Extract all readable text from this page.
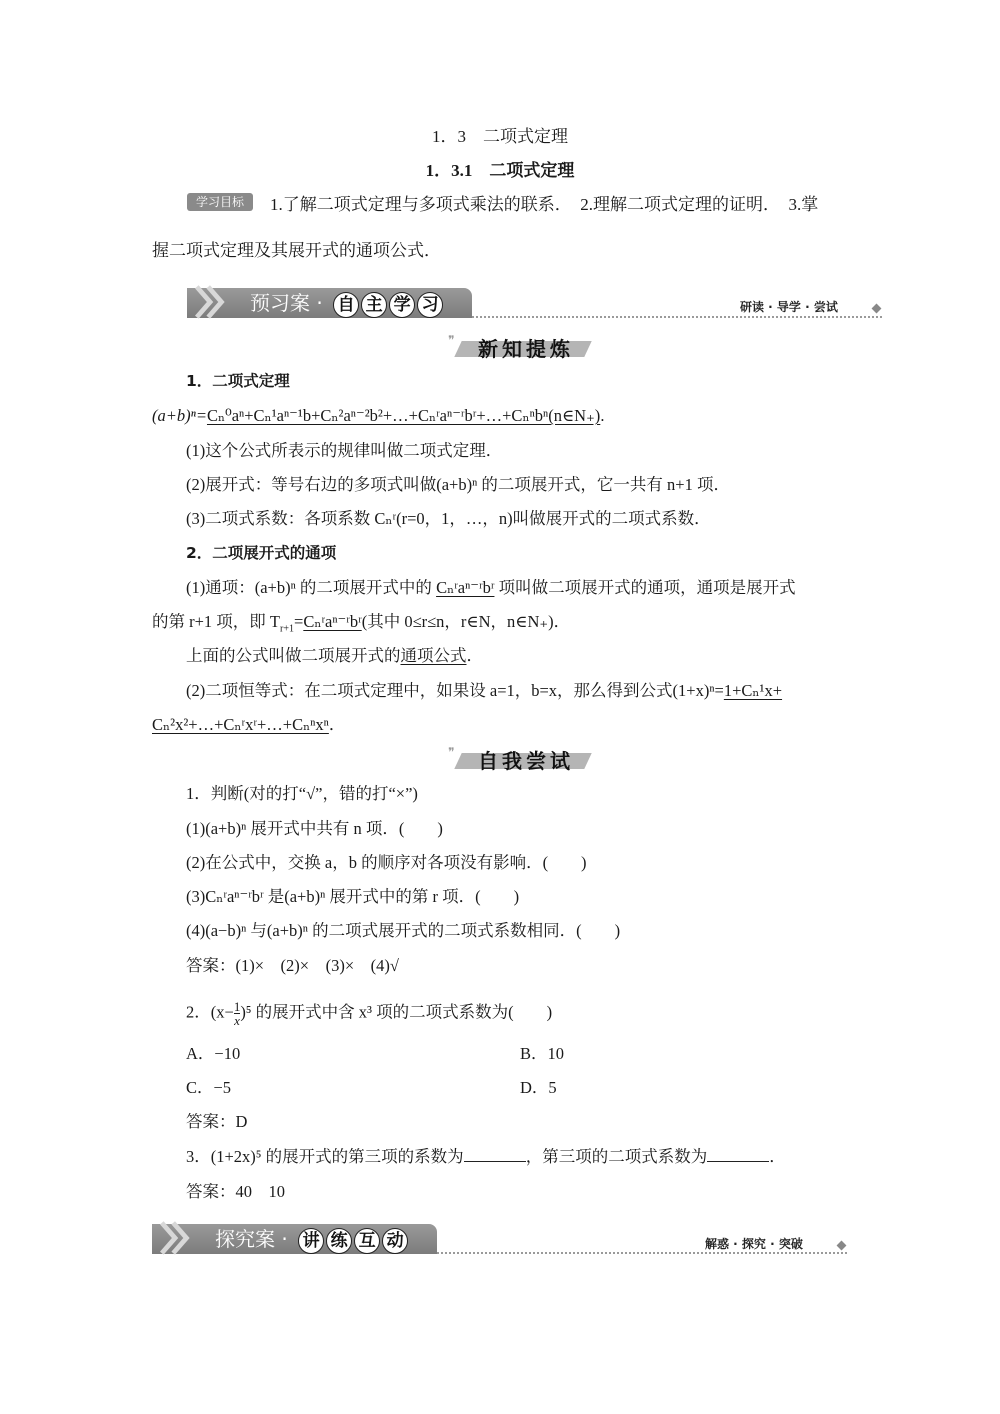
1．3　二项式定理
1．3.1　二项式定理
学习目标	1.了解二项式定理与多项式乘法的联系．　2.理解二项式定理的证明．　3.掌
握二项式定理及其展开式的通项公式．
预习案 · 自 主 学 习	研读 · 导学 · 尝试
❞ 新知提炼
1．二项式定理
(a+b)ⁿ=Cₙ⁰aⁿ+Cₙ¹aⁿ⁻¹b+Cₙ²aⁿ⁻²b²+…+Cₙʳaⁿ⁻ʳbʳ+…+Cₙⁿbⁿ(n∈N₊).
(1)这个公式所表示的规律叫做二项式定理．
(2)展开式：等号右边的多项式叫做(a+b)ⁿ 的二项展开式，它一共有 n+1 项．
(3)二项式系数：各项系数 Cₙʳ(r=0，1，…，n)叫做展开式的二项式系数．
2．二项展开式的通项
(1)通项：(a+b)ⁿ 的二项展开式中的 Cₙʳaⁿ⁻ʳbʳ 项叫做二项展开式的通项，通项是展开式
的第 r+1 项，即 $T_{r+1}=C_nʳa^{n-}ʳbʳ$(其中 0≤r≤n，r∈N，n∈N₊)．
上面的公式叫做二项展开式的通项公式．
(2)二项恒等式：在二项式定理中，如果设 a=1，b=x，那么得到公式(1+x)ⁿ=1+Cₙ¹x+
Cₙ²x²+…+Cₙʳxʳ+…+Cₙⁿxⁿ．
❞ 自我尝试
1．判断(对的打“√”，错的打“×”)
(1)(a+b)ⁿ 展开式中共有 n 项．(　　)
(2)在公式中，交换 a，b 的顺序对各项没有影响．(　　)
(3)Cₙʳaⁿ⁻ʳbʳ 是(a+b)ⁿ 展开式中的第 r 项．(　　)
(4)(a−b)ⁿ 与(a+b)ⁿ 的二项式展开式的二项式系数相同．(　　)
答案：(1)×　(2)×　(3)×　(4)√
2．$(x- \frac{1}{x} )^5$ 的展开式中含 x³ 项的二项式系数为(　　)
A．−10	B．10
C．−5	D．5
答案：D
3．(1+2x)⁵ 的展开式的第三项的系数为	，第三项的二项式系数为	．
答案：40　10
探究案 · 讲 练 互 动	解惑 · 探究 · 突破
